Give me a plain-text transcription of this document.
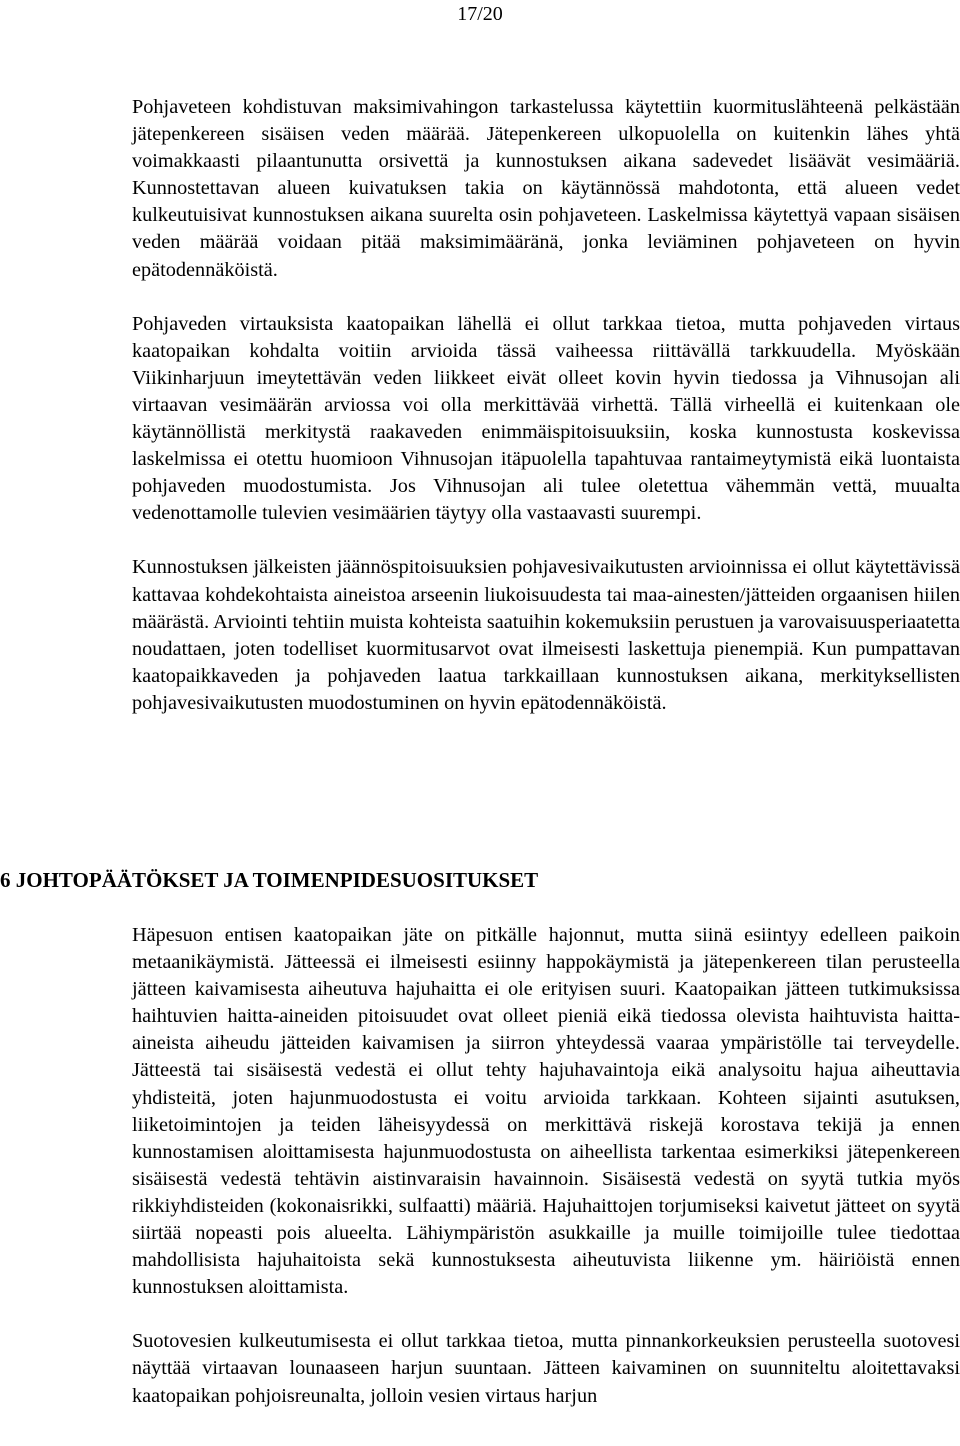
17/20

Pohjaveteen kohdistuvan maksimivahingon tarkastelussa käytettiin kuormituslähteenä pelkästään jätepenkereen sisäisen veden määrää. Jätepenkereen ulkopuolella on kuitenkin lähes yhtä voimakkaasti pilaantunutta orsivettä ja kunnostuksen aikana sadevedet lisäävät vesimääriä. Kunnostettavan alueen kuivatuksen takia on käytännössä mahdotonta, että alueen vedet kulkeutuisivat kunnostuksen aikana suurelta osin pohjaveteen. Laskelmissa käytettyä vapaan sisäisen veden määrää voidaan pitää maksimimääränä, jonka leviäminen pohjaveteen on hyvin epätodennäköistä.

Pohjaveden virtauksista kaatopaikan lähellä ei ollut tarkkaa tietoa, mutta pohjaveden virtaus kaatopaikan kohdalta voitiin arvioida tässä vaiheessa riittävällä tarkkuudella. Myöskään Viikinharjuun imeytettävän veden liikkeet eivät olleet kovin hyvin tiedossa ja Vihnusojan ali virtaavan vesimäärän arviossa voi olla merkittävää virhettä. Tällä virheellä ei kuitenkaan ole käytännöllistä merkitystä raakaveden enimmäispitoisuuksiin, koska kunnostusta koskevissa laskelmissa ei otettu huomioon Vihnusojan itäpuolella tapahtuvaa rantaimeytymistä eikä luontaista pohjaveden muodostumista. Jos Vihnusojan ali tulee oletettua vähemmän vettä, muualta vedenottamolle tulevien vesimäärien täytyy olla vastaavasti suurempi.

Kunnostuksen jälkeisten jäännöspitoisuuksien pohjavesivaikutusten arvioinnissa ei ollut käytettävissä kattavaa kohdekohtaista aineistoa arseenin liukoisuudesta tai maa-ainesten/jätteiden orgaanisen hiilen määrästä. Arviointi tehtiin muista kohteista saatuihin kokemuksiin perustuen ja varovaisuusperiaatetta noudattaen, joten todelliset kuormitusarvot ovat ilmeisesti laskettuja pienempiä. Kun pumpattavan kaatopaikkaveden ja pohjaveden laatua tarkkaillaan kunnostuksen aikana, merkityksellisten pohjavesivaikutusten muodostuminen on hyvin epätodennäköistä.

6 JOHTOPÄÄTÖKSET JA TOIMENPIDESUOSITUKSET

Häpesuon entisen kaatopaikan jäte on pitkälle hajonnut, mutta siinä esiintyy edelleen paikoin metaanikäymistä. Jätteessä ei ilmeisesti esiinny happokäymistä ja jätepenkereen tilan perusteella jätteen kaivamisesta aiheutuva hajuhaitta ei ole erityisen suuri. Kaatopaikan jätteen tutkimuksissa haihtuvien haitta-aineiden pitoisuudet ovat olleet pieniä eikä tiedossa olevista haihtuvista haitta-aineista aiheudu jätteiden kaivamisen ja siirron yhteydessä vaaraa ympäristölle tai terveydelle. Jätteestä tai sisäisestä vedestä ei ollut tehty hajuhavaintoja eikä analysoitu hajua aiheuttavia yhdisteitä, joten hajunmuodostusta ei voitu arvioida tarkkaan. Kohteen sijainti asutuksen, liiketoimintojen ja teiden läheisyydessä on merkittävä riskejä korostava tekijä ja ennen kunnostamisen aloittamisesta hajunmuodostusta on aiheellista tarkentaa esimerkiksi jätepenkereen sisäisestä vedestä tehtävin aistinvaraisin havainnoin. Sisäisestä vedestä on syytä tutkia myös rikkiyhdisteiden (kokonaisrikki, sulfaatti) määriä. Hajuhaittojen torjumiseksi kaivetut jätteet on syytä siirtää nopeasti pois alueelta. Lähiympäristön asukkaille ja muille toimijoille tulee tiedottaa mahdollisista hajuhaitoista sekä kunnostuksesta aiheutuvista liikenne ym. häiriöistä ennen kunnostuksen aloittamista.

Suotovesien kulkeutumisesta ei ollut tarkkaa tietoa, mutta pinnankorkeuksien perusteella suotovesi näyttää virtaavan lounaaseen harjun suuntaan. Jätteen kaivaminen on suunniteltu aloitettavaksi kaatopaikan pohjoisreunalta, jolloin vesien virtaus harjun
